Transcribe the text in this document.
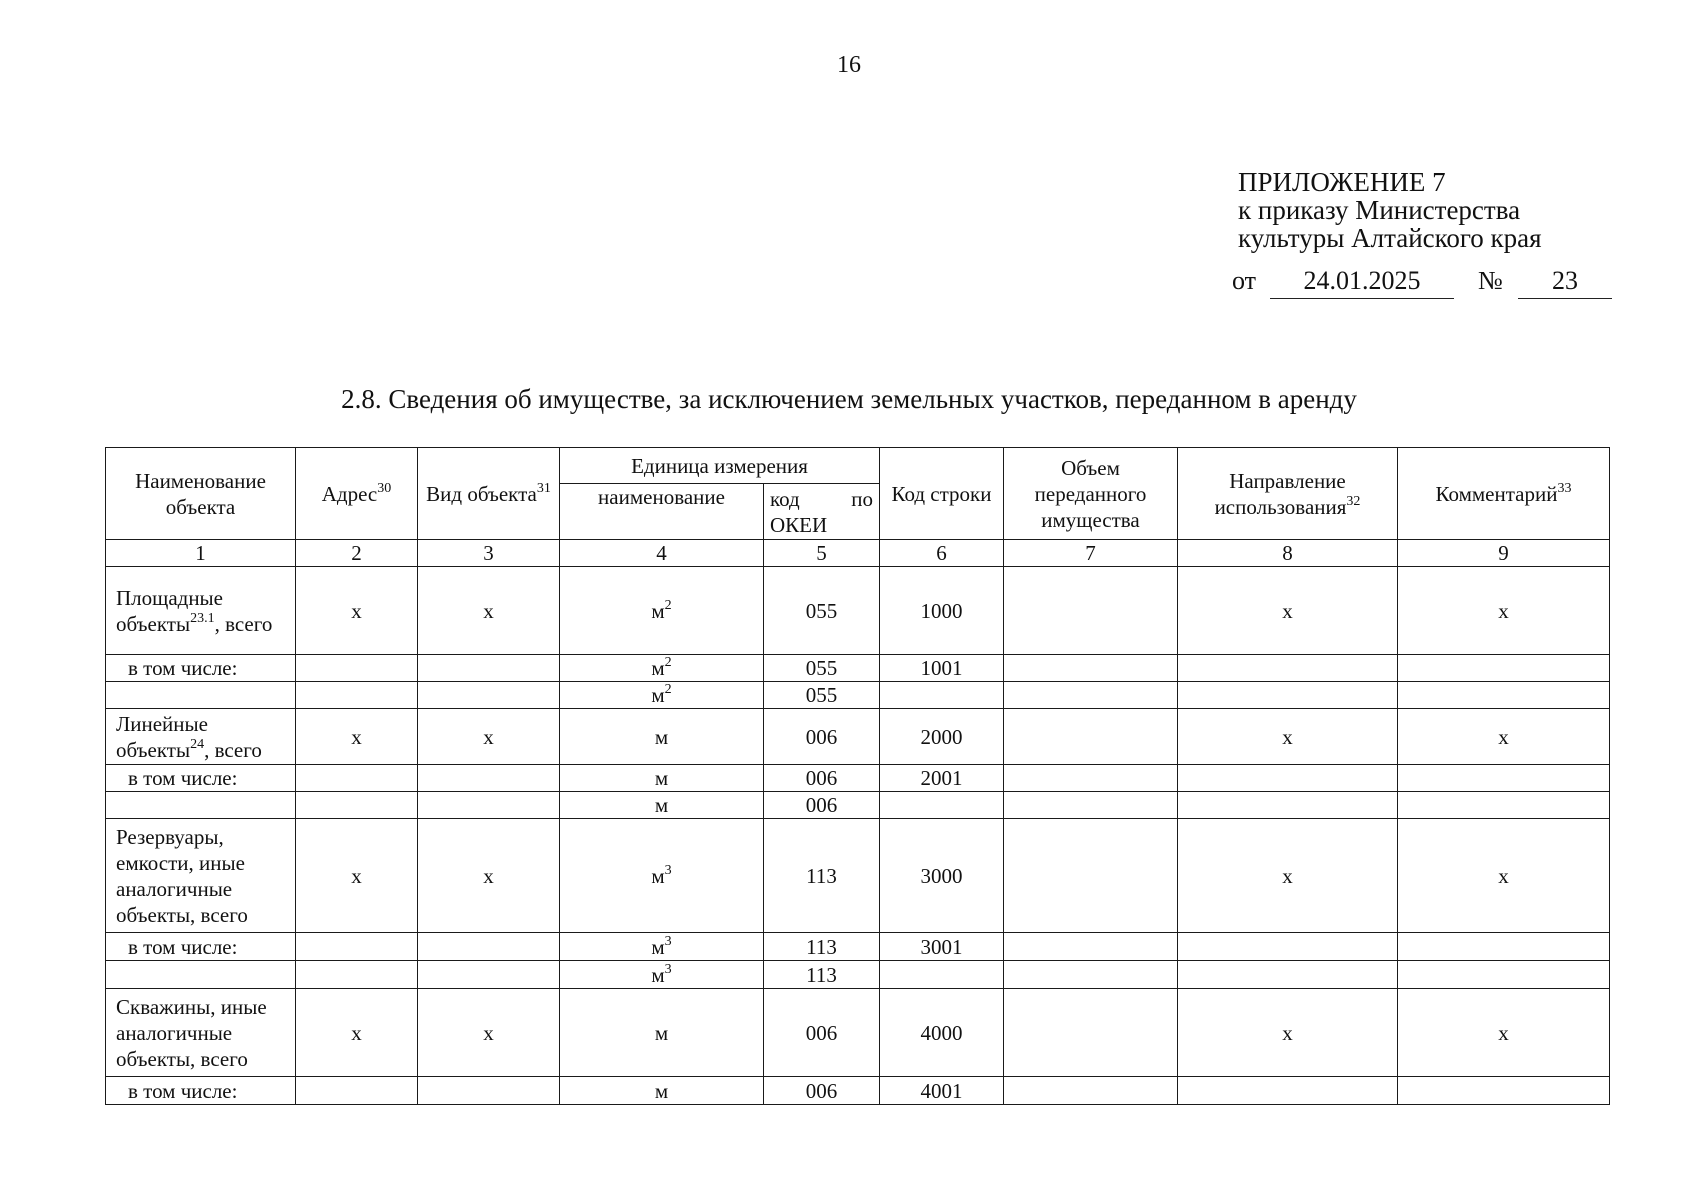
16
ПРИЛОЖЕНИЕ 7
к приказу Министерства
культуры Алтайского края
от	24.01.2025	№	23
2.8. Сведения об имуществе, за исключением земельных участков, переданном в аренду
Наименование объекта	Адрес$^{30}$	Вид объекта$^{31}$	Единица измерения		Код строки	Объем переданного имущества	Направление использования$^{32}$	Комментарий$^{33}$
			наименование	код по
ОКЕИ				

1	2	3	4	5	6	7	8	9
Площадные объекты$^{23.1}$, всего	x	x	$м^2$	055	1000		x	x
в том числе:			$м^2$	055	1001			
			$м^2$	055				
Линейные объекты$^{24}$, всего	x	x	м	006	2000		x	x
в том числе:			м	006	2001			
			м	006				
Резервуары, емкости, иные аналогичные объекты, всего	x	x	$м^3$	113	3000		x	x
в том числе:			$м^3$	113	3001			
			$м^3$	113				
Скважины, иные аналогичные объекты, всего	x	x	м	006	4000		x	x
в том числе:			м	006	4001			
